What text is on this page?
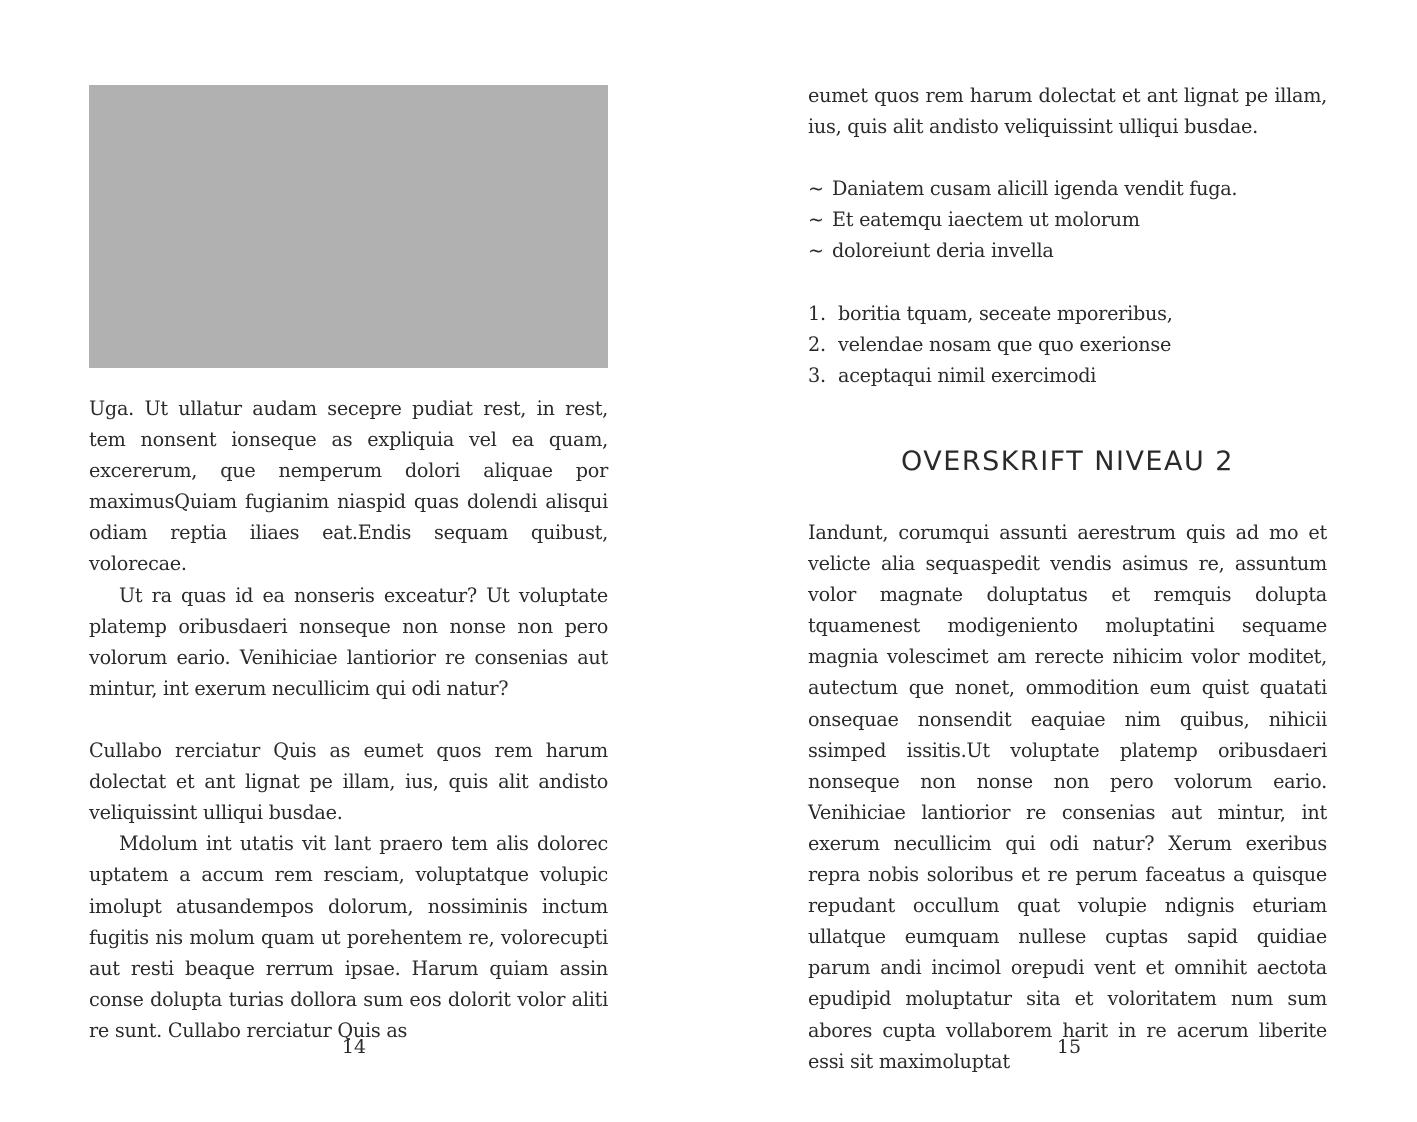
Uga. Ut ullatur audam secepre pudiat rest, in rest, tem nonsent ionseque as expliquia vel ea quam, excererum, que nemperum dolori aliquae por maximusQuiam fugianim niaspid quas dolendi alisqui odiam reptia iliaes eat.Endis sequam quibust, volorecae.

Ut ra quas id ea nonseris exceatur? Ut voluptate platemp oribusdaeri nonseque non nonse non pero volorum eario. Venihiciae lantiorior re consenias aut mintur, int exerum necullicim qui odi natur?

Cullabo rerciatur Quis as eumet quos rem harum dolectat et ant lignat pe illam, ius, quis alit andisto veliquissint ulliqui busdae.

Mdolum int utatis vit lant praero tem alis dolorec uptatem a accum rem resciam, voluptatque volupic imolupt atusandempos dolorum, nossiminis inctum fugitis nis molum quam ut porehentem re, volorecupti aut resti beaque rerrum ipsae. Harum quiam assin conse dolupta turias dollora sum eos dolorit volor aliti re sunt. Cullabo rerciatur Quis as

14

eumet quos rem harum dolectat et ant lignat pe illam, ius, quis alit andisto veliquissint ulliqui busdae.

~ Daniatem cusam alicill igenda vendit fuga.
~ Et eatemqu iaectem ut molorum
~ doloreiunt deria invella
1. boritia tquam, seceate mporeribus,
2. velendae nosam que quo exerionse
3. aceptaqui nimil exercimodi
OVERSKRIFT NIVEAU 2

Iandunt, corumqui assunti aerestrum quis ad mo et velicte alia sequaspedit vendis asimus re, assuntum volor magnate doluptatus et remquis dolupta tquamenest modigeniento moluptatini sequame magnia volescimet am rerecte nihicim volor moditet, autectum que nonet, ommodition eum quist quatati onsequae nonsendit eaquiae nim quibus, nihicii ssimped issitis.Ut voluptate platemp oribusdaeri nonseque non nonse non pero volorum eario. Venihiciae lantiorior re consenias aut mintur, int exerum necullicim qui odi natur? Xerum exeribus repra nobis soloribus et re perum faceatus a quisque repudant occullum quat volupie ndignis eturiam ullatque eumquam nullese cuptas sapid quidiae parum andi incimol orepudi vent et omnihit aectota epudipid moluptatur sita et voloritatem num sum abores cupta vollaborem harit in re acerum liberite essi sit maximoluptat

15
